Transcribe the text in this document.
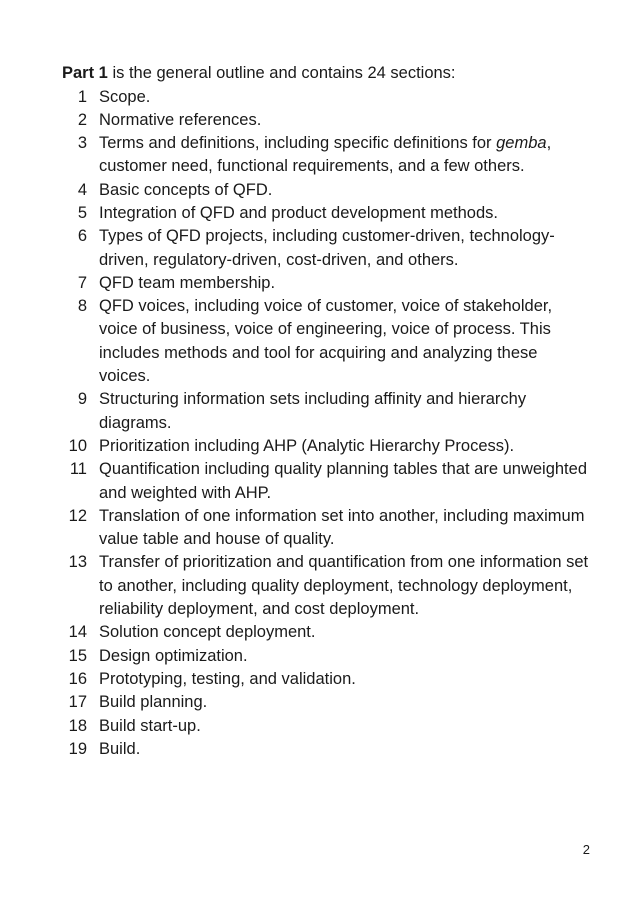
Part 1 is the general outline and contains 24 sections:

1 Scope.
2 Normative references.
3 Terms and definitions, including specific definitions for gemba, customer need, functional requirements, and a few others.
4 Basic concepts of QFD.
5 Integration of QFD and product development methods.
6 Types of QFD projects, including customer-driven, technology-driven, regulatory-driven, cost-driven, and others.
7 QFD team membership.
8 QFD voices, including voice of customer, voice of stakeholder, voice of business, voice of engineering, voice of process. This includes methods and tool for acquiring and analyzing these voices.
9 Structuring information sets including affinity and hierarchy diagrams.
10 Prioritization including AHP (Analytic Hierarchy Process).
11 Quantification including quality planning tables that are unweighted and weighted with AHP.
12 Translation of one information set into another, including maximum value table and house of quality.
13 Transfer of prioritization and quantification from one information set to another, including quality deployment, technology deployment, reliability deployment, and cost deployment.
14 Solution concept deployment.
15 Design optimization.
16 Prototyping, testing, and validation.
17 Build planning.
18 Build start-up.
19 Build.
2
